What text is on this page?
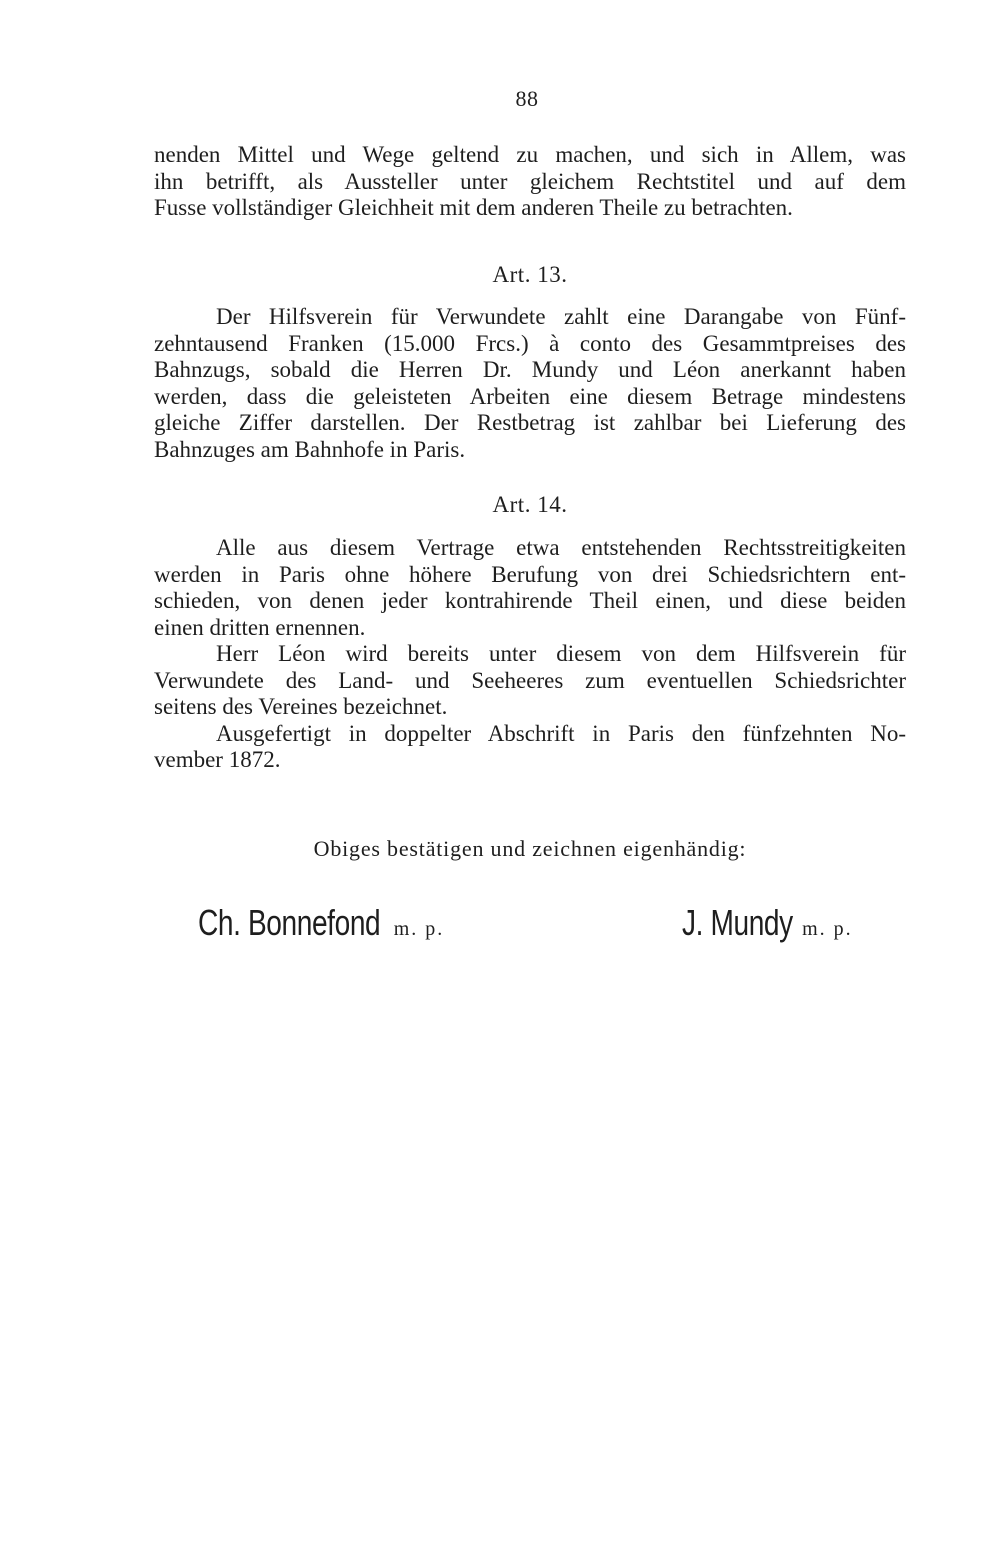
88

nenden Mittel und Wege geltend zu machen, und sich in Allem, was
ihn betrifft, als Aussteller unter gleichem Rechtstitel und auf dem
Fusse vollständiger Gleichheit mit dem anderen Theile zu betrachten.

Art. 13.

Der Hilfsverein für Verwundete zahlt eine Darangabe von Fünf-
zehntausend Franken (15.000 Frcs.) à conto des Gesammtpreises des
Bahnzugs, sobald die Herren Dr. Mundy und Léon anerkannt haben
werden, dass die geleisteten Arbeiten eine diesem Betrage mindestens
gleiche Ziffer darstellen. Der Restbetrag ist zahlbar bei Lieferung des
Bahnzuges am Bahnhofe in Paris.

Art. 14.

Alle aus diesem Vertrage etwa entstehenden Rechtsstreitigkeiten
werden in Paris ohne höhere Berufung von drei Schiedsrichtern ent-
schieden, von denen jeder kontrahirende Theil einen, und diese beiden
einen dritten ernennen.

Herr Léon wird bereits unter diesem von dem Hilfsverein für
Verwundete des Land- und Seeheeres zum eventuellen Schiedsrichter
seitens des Vereines bezeichnet.

Ausgefertigt in doppelter Abschrift in Paris den fünfzehnten No-
vember 1872.

Obiges bestätigen und zeichnen eigenhändig:
Ch. Bonnefond m. p.	J. Mundy m. p.
